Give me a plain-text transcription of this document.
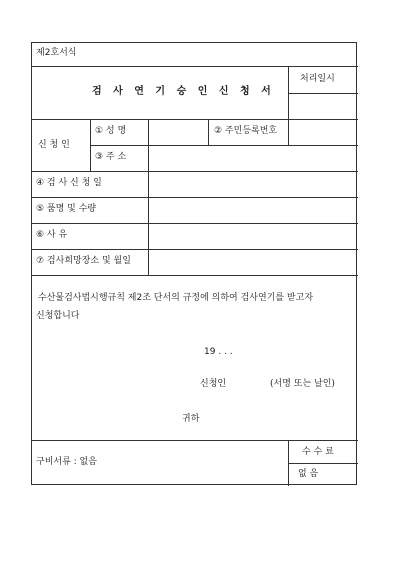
제2호서식
검 사 연 기 승 인 신 청 서
처리일시
신 청 인
① 성 명	② 주민등록번호
③ 주 소
④ 검 사 신 청 일
⑤ 품명 및 수량
⑥ 사 유
⑦ 검사희망장소 및 월일
수산물검사법시행규칙 제2조 단서의 규정에 의하여 검사연기를 받고자
신청합니다
19 . . .
신청인	(서명 또는 날인)
귀하
구비서류 : 없음
수 수 료
없 음
